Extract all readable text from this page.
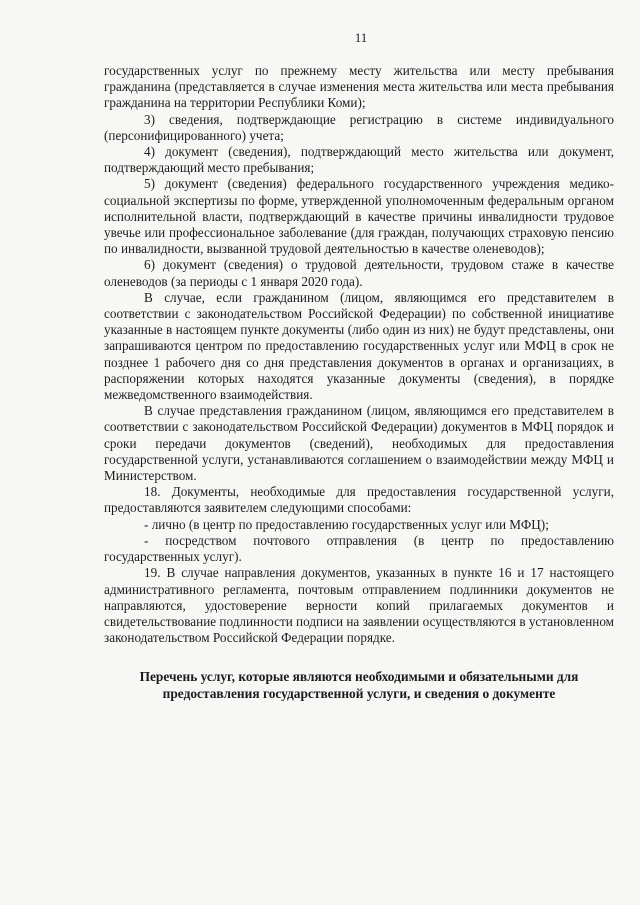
11

государственных услуг по прежнему месту жительства или месту пребывания гражданина (представляется в случае изменения места жительства или места пребывания гражданина на территории Республики Коми);

3) сведения, подтверждающие регистрацию в системе индивидуального (персонифицированного) учета;

4) документ (сведения), подтверждающий место жительства или документ, подтверждающий место пребывания;

5) документ (сведения) федерального государственного учреждения медико-социальной экспертизы по форме, утвержденной уполномоченным федеральным органом исполнительной власти, подтверждающий в качестве причины инвалидности трудовое увечье или профессиональное заболевание (для граждан, получающих страховую пенсию по инвалидности, вызванной трудовой деятельностью в качестве оленеводов);

6) документ (сведения) о трудовой деятельности, трудовом стаже в качестве оленеводов (за периоды с 1 января 2020 года).

В случае, если гражданином (лицом, являющимся его представителем в соответствии с законодательством Российской Федерации) по собственной инициативе указанные в настоящем пункте документы (либо один из них) не будут представлены, они запрашиваются центром по предоставлению государственных услуг или МФЦ в срок не позднее 1 рабочего дня со дня представления документов в органах и организациях, в распоряжении которых находятся указанные документы (сведения), в порядке межведомственного взаимодействия.

В случае представления гражданином (лицом, являющимся его представителем в соответствии с законодательством Российской Федерации) документов в МФЦ порядок и сроки передачи документов (сведений), необходимых для предоставления государственной услуги, устанавливаются соглашением о взаимодействии между МФЦ и Министерством.

18. Документы, необходимые для предоставления государственной услуги, предоставляются заявителем следующими способами:

- лично (в центр по предоставлению государственных услуг или МФЦ);

- посредством почтового отправления (в центр по предоставлению государственных услуг).

19. В случае направления документов, указанных в пункте 16 и 17 настоящего административного регламента, почтовым отправлением подлинники документов не направляются, удостоверение верности копий прилагаемых документов и свидетельствование подлинности подписи на заявлении осуществляются в установленном законодательством Российской Федерации порядке.

Перечень услуг, которые являются необходимыми и обязательными для
предоставления государственной услуги, и сведения о документе
